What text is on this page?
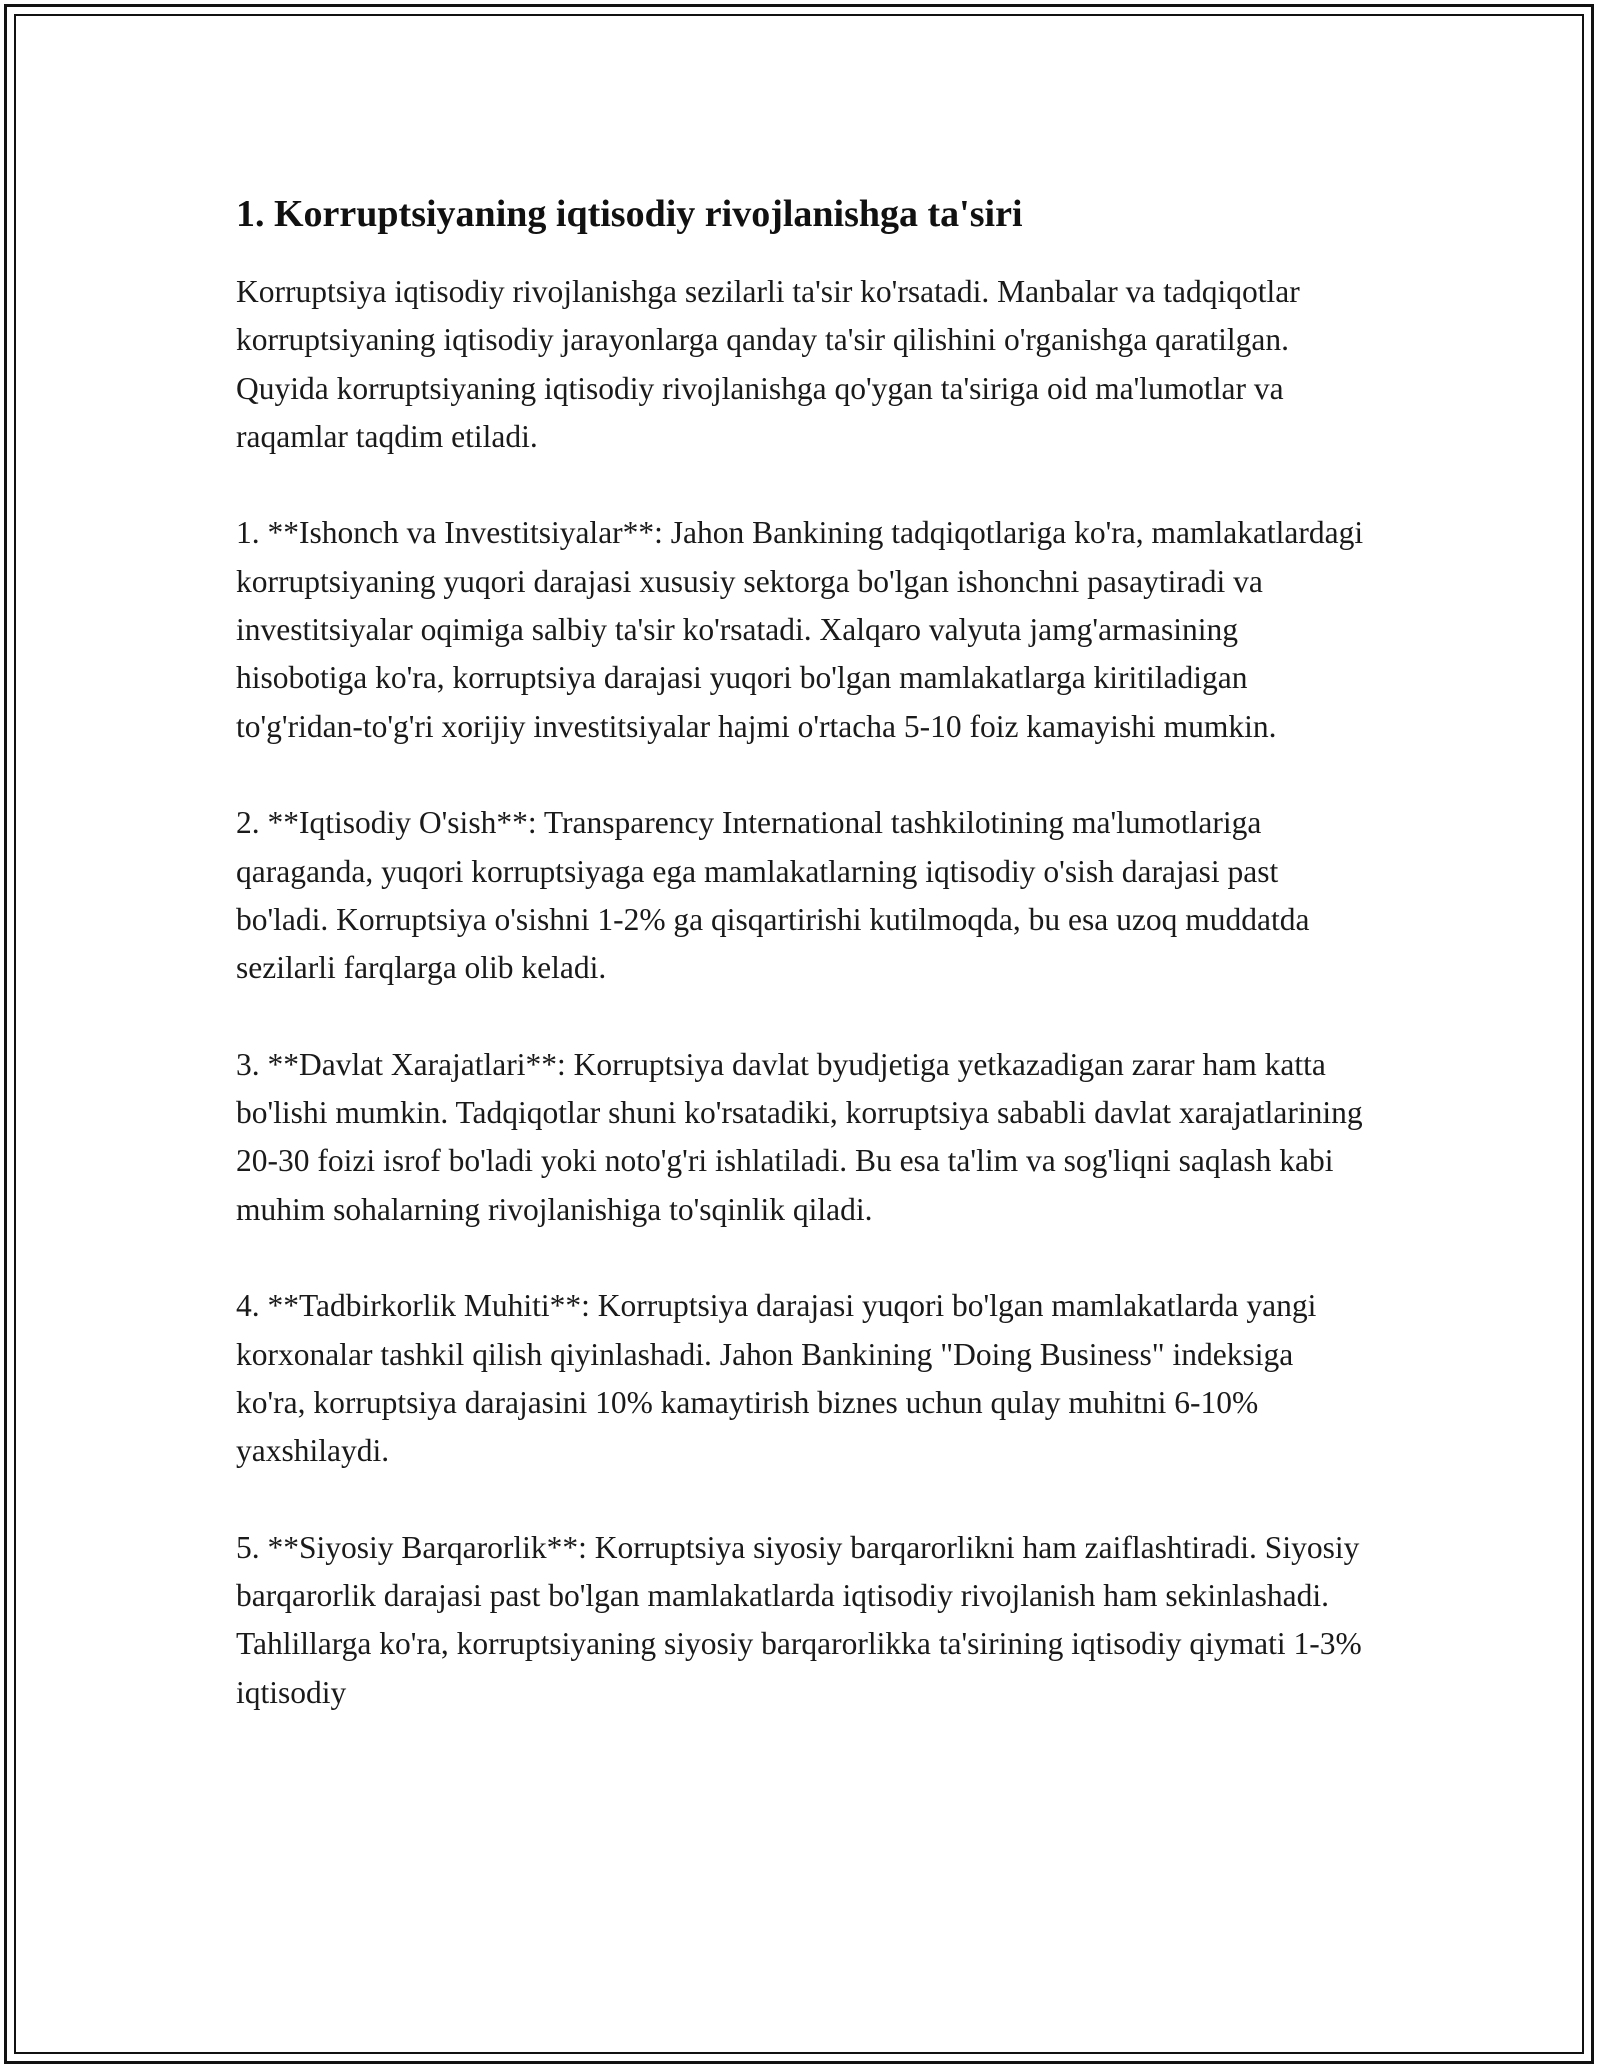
1. Korruptsiyaning iqtisodiy rivojlanishga ta'siri

Korruptsiya iqtisodiy rivojlanishga sezilarli ta'sir ko'rsatadi. Manbalar va tadqiqotlar korruptsiyaning iqtisodiy jarayonlarga qanday ta'sir qilishini o'rganishga qaratilgan. Quyida korruptsiyaning iqtisodiy rivojlanishga qo'ygan ta'siriga oid ma'lumotlar va raqamlar taqdim etiladi.

1. **Ishonch va Investitsiyalar**: Jahon Bankining tadqiqotlariga ko'ra, mamlakatlardagi korruptsiyaning yuqori darajasi xususiy sektorga bo'lgan ishonchni pasaytiradi va investitsiyalar oqimiga salbiy ta'sir ko'rsatadi. Xalqaro valyuta jamg'armasining hisobotiga ko'ra, korruptsiya darajasi yuqori bo'lgan mamlakatlarga kiritiladigan to'g'ridan-to'g'ri xorijiy investitsiyalar hajmi o'rtacha 5-10 foiz kamayishi mumkin.

2. **Iqtisodiy O'sish**: Transparency International tashkilotining ma'lumotlariga qaraganda, yuqori korruptsiyaga ega mamlakatlarning iqtisodiy o'sish darajasi past bo'ladi. Korruptsiya o'sishni 1-2% ga qisqartirishi kutilmoqda, bu esa uzoq muddatda sezilarli farqlarga olib keladi.

3. **Davlat Xarajatlari**: Korruptsiya davlat byudjetiga yetkazadigan zarar ham katta bo'lishi mumkin. Tadqiqotlar shuni ko'rsatadiki, korruptsiya sababli davlat xarajatlarining 20-30 foizi isrof bo'ladi yoki noto'g'ri ishlatiladi. Bu esa ta'lim va sog'liqni saqlash kabi muhim sohalarning rivojlanishiga to'sqinlik qiladi.

4. **Tadbirkorlik Muhiti**: Korruptsiya darajasi yuqori bo'lgan mamlakatlarda yangi korxonalar tashkil qilish qiyinlashadi. Jahon Bankining "Doing Business" indeksiga ko'ra, korruptsiya darajasini 10% kamaytirish biznes uchun qulay muhitni 6-10% yaxshilaydi.

5. **Siyosiy Barqarorlik**: Korruptsiya siyosiy barqarorlikni ham zaiflashtiradi. Siyosiy barqarorlik darajasi past bo'lgan mamlakatlarda iqtisodiy rivojlanish ham sekinlashadi. Tahlillarga ko'ra, korruptsiyaning siyosiy barqarorlikka ta'sirining iqtisodiy qiymati 1-3% iqtisodiy
